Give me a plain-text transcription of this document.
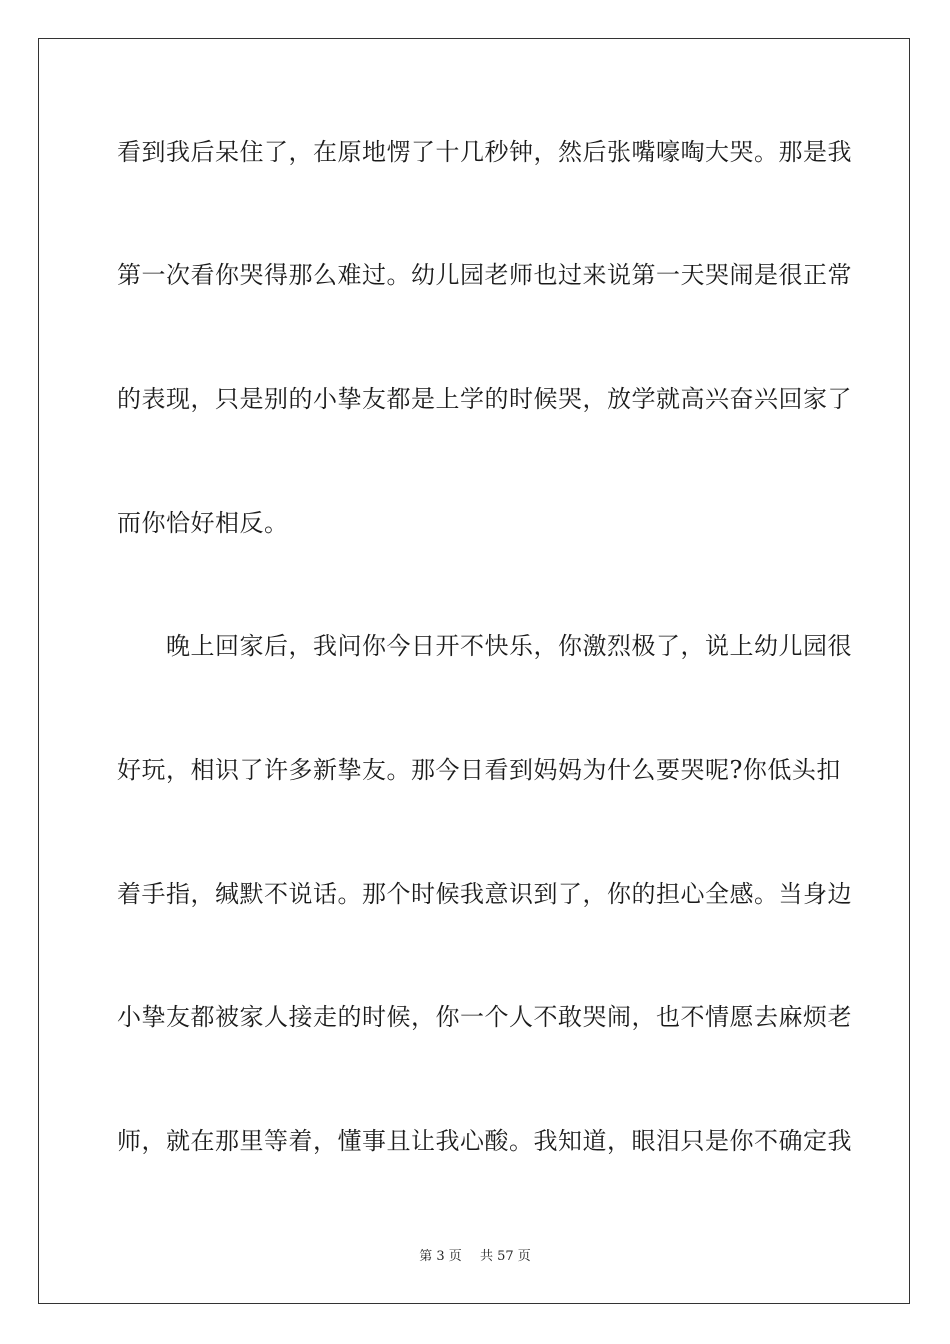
看到我后呆住了，在原地愣了十几秒钟，然后张嘴嚎啕大哭。那是我
第一次看你哭得那么难过。幼儿园老师也过来说第一天哭闹是很正常
的表现，只是别的小挚友都是上学的时候哭，放学就高兴奋兴回家了
而你恰好相反。
　　晚上回家后，我问你今日开不快乐，你激烈极了，说上幼儿园很
好玩，相识了许多新挚友。那今日看到妈妈为什么要哭呢?你低头扣
着手指，缄默不说话。那个时候我意识到了，你的担心全感。当身边
小挚友都被家人接走的时候，你一个人不敢哭闹，也不情愿去麻烦老
师，就在那里等着，懂事且让我心酸。我知道，眼泪只是你不确定我
第 3 页 共 57 页
